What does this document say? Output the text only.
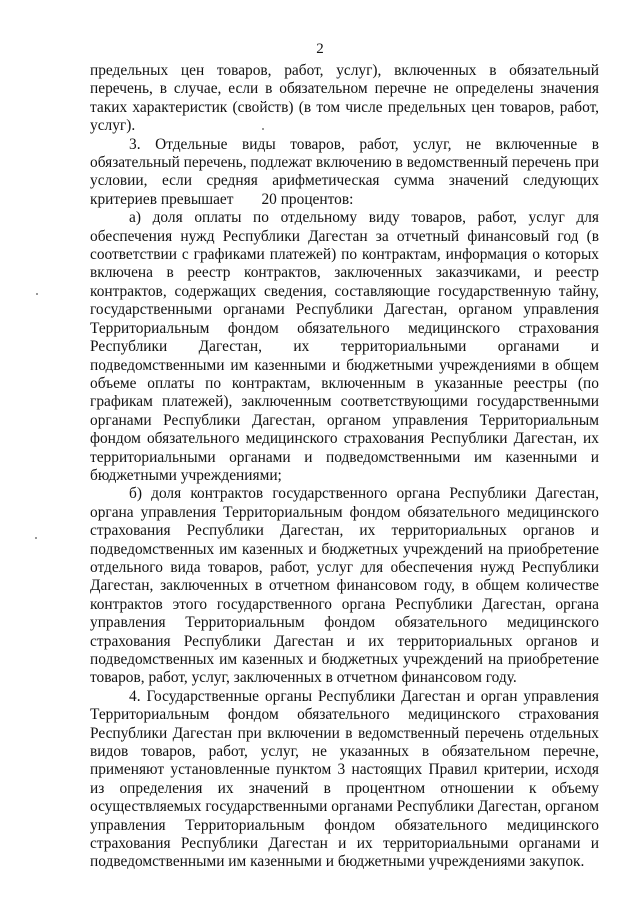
2

предельных цен товаров, работ, услуг), включенных в обязательный перечень, в случае, если в обязательном перечне не определены значения таких характеристик (свойств) (в том числе предельных цен товаров, работ, услуг).

3. Отдельные виды товаров, работ, услуг, не включенные в обязательный перечень, подлежат включению в ведомственный перечень при условии, если средняя арифметическая сумма значений следующих критериев превышает 20 процентов:

а) доля оплаты по отдельному виду товаров, работ, услуг для обеспечения нужд Республики Дагестан за отчетный финансовый год (в соответствии с графиками платежей) по контрактам, информация о которых включена в реестр контрактов, заключенных заказчиками, и реестр контрактов, содержащих сведения, составляющие государственную тайну, государственными органами Республики Дагестан, органом управления Территориальным фондом обязательного медицинского страхования Республики Дагестан, их территориальными органами и подведомственными им казенными и бюджетными учреждениями в общем объеме оплаты по контрактам, включенным в указанные реестры (по графикам платежей), заключенным соответствующими государственными органами Республики Дагестан, органом управления Территориальным фондом обязательного медицинского страхования Республики Дагестан, их территориальными органами и подведомственными им казенными и бюджетными учреждениями;

б) доля контрактов государственного органа Республики Дагестан, органа управления Территориальным фондом обязательного медицинского страхования Республики Дагестан, их территориальных органов и подведомственных им казенных и бюджетных учреждений на приобретение отдельного вида товаров, работ, услуг для обеспечения нужд Республики Дагестан, заключенных в отчетном финансовом году, в общем количестве контрактов этого государственного органа Республики Дагестан, органа управления Территориальным фондом обязательного медицинского страхования Республики Дагестан и их территориальных органов и подведомственных им казенных и бюджетных учреждений на приобретение товаров, работ, услуг, заключенных в отчетном финансовом году.

4. Государственные органы Республики Дагестан и орган управления Территориальным фондом обязательного медицинского страхования Республики Дагестан при включении в ведомственный перечень отдельных видов товаров, работ, услуг, не указанных в обязательном перечне, применяют установленные пунктом 3 настоящих Правил критерии, исходя из определения их значений в процентном отношении к объему осуществляемых государственными органами Республики Дагестан, органом управления Территориальным фондом обязательного медицинского страхования Республики Дагестан и их территориальными органами и подведомственными им казенными и бюджетными учреждениями закупок.
